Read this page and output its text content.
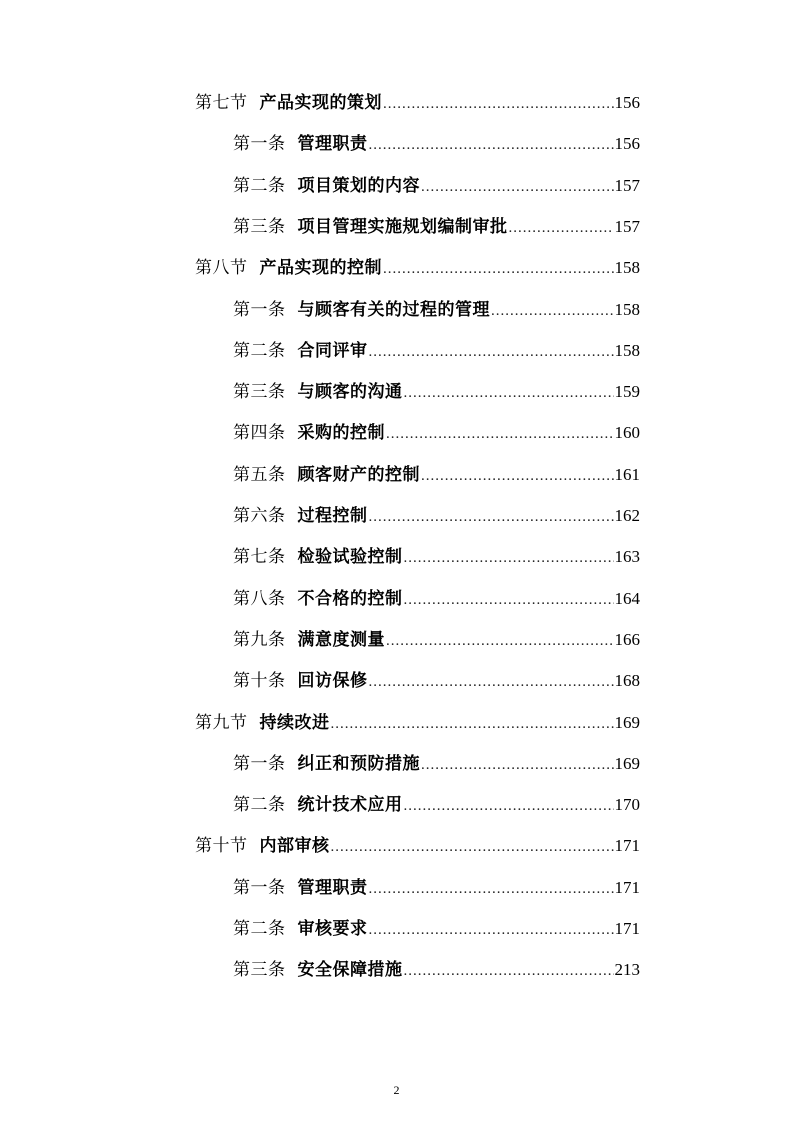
第七节 产品实现的策划 .....	156
第一条 管理职责 .....	156
第二条 项目策划的内容 .....	157
第三条 项目管理实施规划编制审批 .....	157
第八节 产品实现的控制 .....	158
第一条 与顾客有关的过程的管理 .....	158
第二条 合同评审 .....	158
第三条 与顾客的沟通 .....	159
第四条 采购的控制 .....	160
第五条 顾客财产的控制 .....	161
第六条 过程控制 .....	162
第七条 检验试验控制 .....	163
第八条 不合格的控制 .....	164
第九条 满意度测量 .....	166
第十条 回访保修 .....	168
第九节 持续改进 .....	169
第一条 纠正和预防措施 .....	169
第二条 统计技术应用 .....	170
第十节 内部审核 .....	171
第一条 管理职责 .....	171
第二条 审核要求 .....	171
第三条 安全保障措施 .....	213
2
